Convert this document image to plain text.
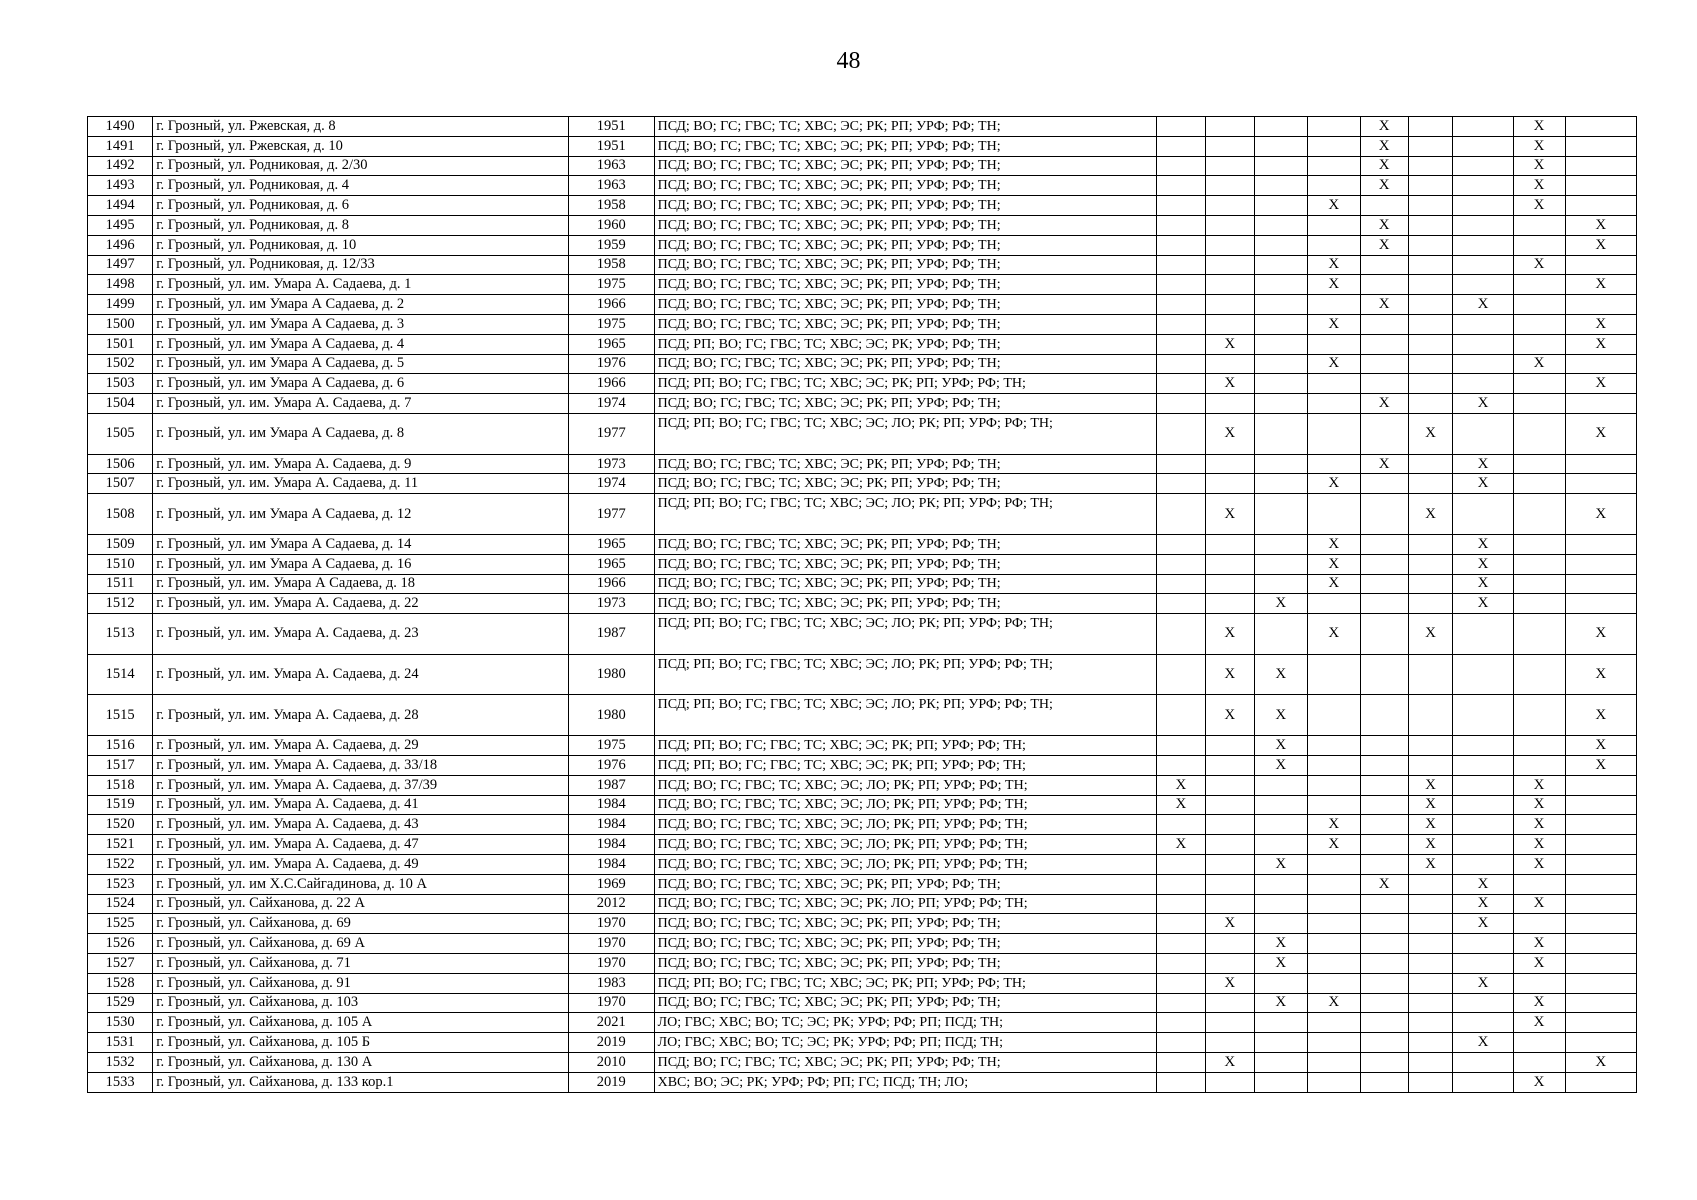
48
1490	г. Грозный, ул. Ржевская, д. 8	1951	ПСД; ВО; ГС; ГВС; ТС; ХВС; ЭС; РК; РП; УРФ; РФ; ТН;					X			X	
1491	г. Грозный, ул. Ржевская, д. 10	1951	ПСД; ВО; ГС; ГВС; ТС; ХВС; ЭС; РК; РП; УРФ; РФ; ТН;					X			X	
1492	г. Грозный, ул. Родниковая, д. 2/30	1963	ПСД; ВО; ГС; ГВС; ТС; ХВС; ЭС; РК; РП; УРФ; РФ; ТН;					X			X	
1493	г. Грозный, ул. Родниковая, д. 4	1963	ПСД; ВО; ГС; ГВС; ТС; ХВС; ЭС; РК; РП; УРФ; РФ; ТН;					X			X	
1494	г. Грозный, ул. Родниковая, д. 6	1958	ПСД; ВО; ГС; ГВС; ТС; ХВС; ЭС; РК; РП; УРФ; РФ; ТН;				X				X	
1495	г. Грозный, ул. Родниковая, д. 8	1960	ПСД; ВО; ГС; ГВС; ТС; ХВС; ЭС; РК; РП; УРФ; РФ; ТН;					X				X
1496	г. Грозный, ул. Родниковая, д. 10	1959	ПСД; ВО; ГС; ГВС; ТС; ХВС; ЭС; РК; РП; УРФ; РФ; ТН;					X				X
1497	г. Грозный, ул. Родниковая, д. 12/33	1958	ПСД; ВО; ГС; ГВС; ТС; ХВС; ЭС; РК; РП; УРФ; РФ; ТН;				X				X	
1498	г. Грозный, ул. им. Умара А. Садаева, д. 1	1975	ПСД; ВО; ГС; ГВС; ТС; ХВС; ЭС; РК; РП; УРФ; РФ; ТН;				X					X
1499	г. Грозный, ул. им Умара А Садаева, д. 2	1966	ПСД; ВО; ГС; ГВС; ТС; ХВС; ЭС; РК; РП; УРФ; РФ; ТН;					X		X		
1500	г. Грозный, ул. им Умара А Садаева, д. 3	1975	ПСД; ВО; ГС; ГВС; ТС; ХВС; ЭС; РК; РП; УРФ; РФ; ТН;				X					X
1501	г. Грозный, ул. им Умара А Садаева, д. 4	1965	ПСД; РП; ВО; ГС; ГВС; ТС; ХВС; ЭС; РК; УРФ; РФ; ТН;		X							X
1502	г. Грозный, ул. им Умара А Садаева, д. 5	1976	ПСД; ВО; ГС; ГВС; ТС; ХВС; ЭС; РК; РП; УРФ; РФ; ТН;				X				X	
1503	г. Грозный, ул. им Умара А Садаева, д. 6	1966	ПСД; РП; ВО; ГС; ГВС; ТС; ХВС; ЭС; РК; РП; УРФ; РФ; ТН;		X							X
1504	г. Грозный, ул. им. Умара А. Садаева, д. 7	1974	ПСД; ВО; ГС; ГВС; ТС; ХВС; ЭС; РК; РП; УРФ; РФ; ТН;					X		X		
1505	г. Грозный, ул. им Умара А Садаева, д. 8	1977	ПСД; РП; ВО; ГС; ГВС; ТС; ХВС; ЭС; ЛО; РК; РП; УРФ; РФ; ТН;		X				X			X
1506	г. Грозный, ул. им. Умара А. Садаева, д. 9	1973	ПСД; ВО; ГС; ГВС; ТС; ХВС; ЭС; РК; РП; УРФ; РФ; ТН;					X		X		
1507	г. Грозный, ул. им. Умара А. Садаева, д. 11	1974	ПСД; ВО; ГС; ГВС; ТС; ХВС; ЭС; РК; РП; УРФ; РФ; ТН;				X			X		
1508	г. Грозный, ул. им Умара А Садаева, д. 12	1977	ПСД; РП; ВО; ГС; ГВС; ТС; ХВС; ЭС; ЛО; РК; РП; УРФ; РФ; ТН;		X				X			X
1509	г. Грозный, ул. им Умара А Садаева, д. 14	1965	ПСД; ВО; ГС; ГВС; ТС; ХВС; ЭС; РК; РП; УРФ; РФ; ТН;				X			X		
1510	г. Грозный, ул. им Умара А Садаева, д. 16	1965	ПСД; ВО; ГС; ГВС; ТС; ХВС; ЭС; РК; РП; УРФ; РФ; ТН;				X			X		
1511	г. Грозный, ул. им. Умара А Садаева, д. 18	1966	ПСД; ВО; ГС; ГВС; ТС; ХВС; ЭС; РК; РП; УРФ; РФ; ТН;				X			X		
1512	г. Грозный, ул. им. Умара А. Садаева, д. 22	1973	ПСД; ВО; ГС; ГВС; ТС; ХВС; ЭС; РК; РП; УРФ; РФ; ТН;			X				X		
1513	г. Грозный, ул. им. Умара А. Садаева, д. 23	1987	ПСД; РП; ВО; ГС; ГВС; ТС; ХВС; ЭС; ЛО; РК; РП; УРФ; РФ; ТН;		X		X		X			X
1514	г. Грозный, ул. им. Умара А. Садаева, д. 24	1980	ПСД; РП; ВО; ГС; ГВС; ТС; ХВС; ЭС; ЛО; РК; РП; УРФ; РФ; ТН;		X	X						X
1515	г. Грозный, ул. им. Умара А. Садаева, д. 28	1980	ПСД; РП; ВО; ГС; ГВС; ТС; ХВС; ЭС; ЛО; РК; РП; УРФ; РФ; ТН;		X	X						X
1516	г. Грозный, ул. им. Умара А. Садаева, д. 29	1975	ПСД; РП; ВО; ГС; ГВС; ТС; ХВС; ЭС; РК; РП; УРФ; РФ; ТН;			X						X
1517	г. Грозный, ул. им. Умара А. Садаева, д. 33/18	1976	ПСД; РП; ВО; ГС; ГВС; ТС; ХВС; ЭС; РК; РП; УРФ; РФ; ТН;			X						X
1518	г. Грозный, ул. им. Умара А. Садаева, д. 37/39	1987	ПСД; ВО; ГС; ГВС; ТС; ХВС; ЭС; ЛО; РК; РП; УРФ; РФ; ТН;	X					X		X	
1519	г. Грозный, ул. им. Умара А. Садаева, д. 41	1984	ПСД; ВО; ГС; ГВС; ТС; ХВС; ЭС; ЛО; РК; РП; УРФ; РФ; ТН;	X					X		X	
1520	г. Грозный, ул. им. Умара А. Садаева, д. 43	1984	ПСД; ВО; ГС; ГВС; ТС; ХВС; ЭС; ЛО; РК; РП; УРФ; РФ; ТН;				X		X		X	
1521	г. Грозный, ул. им. Умара А. Садаева, д. 47	1984	ПСД; ВО; ГС; ГВС; ТС; ХВС; ЭС; ЛО; РК; РП; УРФ; РФ; ТН;	X			X		X		X	
1522	г. Грозный, ул. им. Умара А. Садаева, д. 49	1984	ПСД; ВО; ГС; ГВС; ТС; ХВС; ЭС; ЛО; РК; РП; УРФ; РФ; ТН;			X			X		X	
1523	г. Грозный, ул. им Х.С.Сайгадинова, д. 10 А	1969	ПСД; ВО; ГС; ГВС; ТС; ХВС; ЭС; РК; РП; УРФ; РФ; ТН;					X		X		
1524	г. Грозный, ул. Сайханова, д. 22 А	2012	ПСД; ВО; ГС; ГВС; ТС; ХВС; ЭС; РК; ЛО; РП; УРФ; РФ; ТН;							X	X	
1525	г. Грозный, ул. Сайханова, д. 69	1970	ПСД; ВО; ГС; ГВС; ТС; ХВС; ЭС; РК; РП; УРФ; РФ; ТН;		X					X		
1526	г. Грозный, ул. Сайханова, д. 69 А	1970	ПСД; ВО; ГС; ГВС; ТС; ХВС; ЭС; РК; РП; УРФ; РФ; ТН;			X					X	
1527	г. Грозный, ул. Сайханова, д. 71	1970	ПСД; ВО; ГС; ГВС; ТС; ХВС; ЭС; РК; РП; УРФ; РФ; ТН;			X					X	
1528	г. Грозный, ул. Сайханова, д. 91	1983	ПСД; РП; ВО; ГС; ГВС; ТС; ХВС; ЭС; РК; РП; УРФ; РФ; ТН;		X					X		
1529	г. Грозный, ул. Сайханова, д. 103	1970	ПСД; ВО; ГС; ГВС; ТС; ХВС; ЭС; РК; РП; УРФ; РФ; ТН;			X	X				X	
1530	г. Грозный, ул. Сайханова, д. 105 А	2021	ЛО; ГВС; ХВС; ВО; ТС; ЭС; РК; УРФ; РФ; РП; ПСД; ТН;								X	
1531	г. Грозный, ул. Сайханова, д. 105 Б	2019	ЛО; ГВС; ХВС; ВО; ТС; ЭС; РК; УРФ; РФ; РП; ПСД; ТН;							X		
1532	г. Грозный, ул. Сайханова, д. 130 А	2010	ПСД; ВО; ГС; ГВС; ТС; ХВС; ЭС; РК; РП; УРФ; РФ; ТН;		X							X
1533	г. Грозный, ул. Сайханова, д. 133 кор.1	2019	ХВС; ВО; ЭС; РК; УРФ; РФ; РП; ГС; ПСД; ТН; ЛО;								X	
